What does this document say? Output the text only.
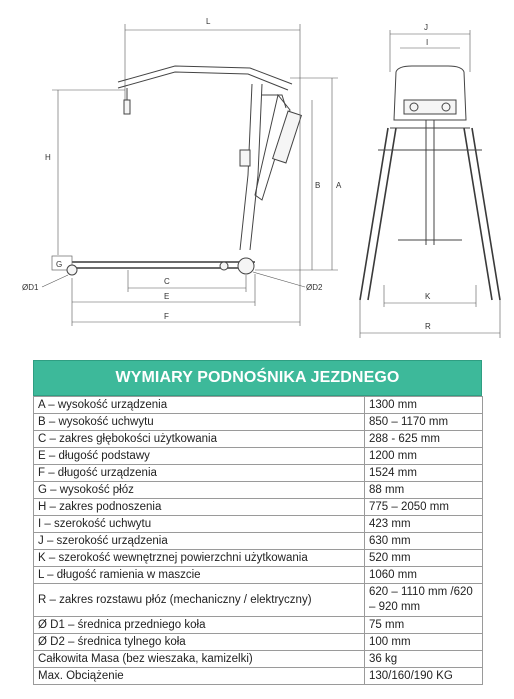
L
H
B A
G
ØD1	ØD2
C
E
F
J
I
K
R
WYMIARY PODNOŚNIKA JEZDNEGO
A – wysokość urządzenia	1300 mm
B – wysokość uchwytu	850 – 1170 mm
C – zakres głębokości użytkowania	288 - 625 mm
E – długość podstawy	1200 mm
F – długość urządzenia	1524 mm
G – wysokość płóz	88 mm
H – zakres podnoszenia	775 – 2050 mm
I – szerokość uchwytu	423 mm
J – szerokość urządzenia	630 mm
K – szerokość wewnętrznej powierzchni użytkowania	520 mm
L – długość ramienia w maszcie	1060 mm
R – zakres rozstawu płóz (mechaniczny / elektryczny)	620 – 1110 mm /620 – 920 mm
Ø D1 – średnica przedniego koła	75 mm
Ø D2 – średnica tylnego koła	100 mm
Całkowita Masa (bez wieszaka, kamizelki)	36 kg
Max. Obciążenie	130/160/190 KG
